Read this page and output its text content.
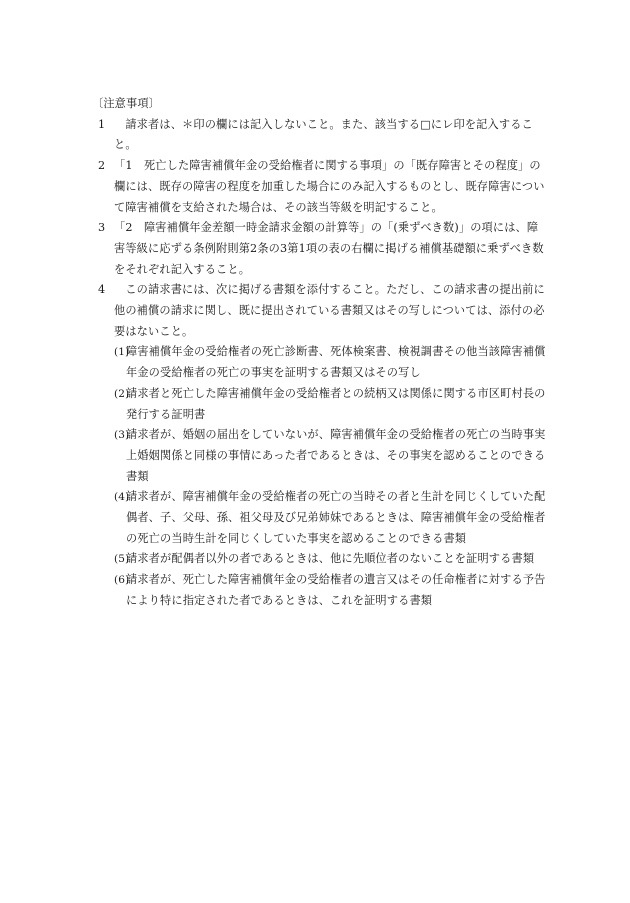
〔注意事項〕
1 　請求者は、＊印の欄には記入しないこと。また、該当する□にレ印を記入すること。
2 「1　死亡した障害補償年金の受給権者に関する事項」の「既存障害とその程度」の欄には、既存の障害の程度を加重した場合にのみ記入するものとし、既存障害について障害補償を支給された場合は、その該当等級を明記すること。
3 「2　障害補償年金差額一時金請求金額の計算等」の「(乗ずべき数)」の項には、障害等級に応ずる条例附則第2条の3第1項の表の右欄に掲げる補償基礎額に乗ずべき数をそれぞれ記入すること。
4 　この請求書には、次に掲げる書類を添付すること。ただし、この請求書の提出前に他の補償の請求に関し、既に提出されている書類又はその写しについては、添付の必要はないこと。
(1)
障害補償年金の受給権者の死亡診断書、死体検案書、検視調書その他当該障害補償年金の受給権者の死亡の事実を証明する書類又はその写し
(2)
請求者と死亡した障害補償年金の受給権者との続柄又は関係に関する市区町村長の発行する証明書
(3)
請求者が、婚姻の届出をしていないが、障害補償年金の受給権者の死亡の当時事実上婚姻関係と同様の事情にあった者であるときは、その事実を認めることのできる書類
(4)
請求者が、障害補償年金の受給権者の死亡の当時その者と生計を同じくしていた配偶者、子、父母、孫、祖父母及び兄弟姉妹であるときは、障害補償年金の受給権者の死亡の当時生計を同じくしていた事実を認めることのできる書類
(5)
請求者が配偶者以外の者であるときは、他に先順位者のないことを証明する書類
(6)
請求者が、死亡した障害補償年金の受給権者の遺言又はその任命権者に対する予告により特に指定された者であるときは、これを証明する書類
